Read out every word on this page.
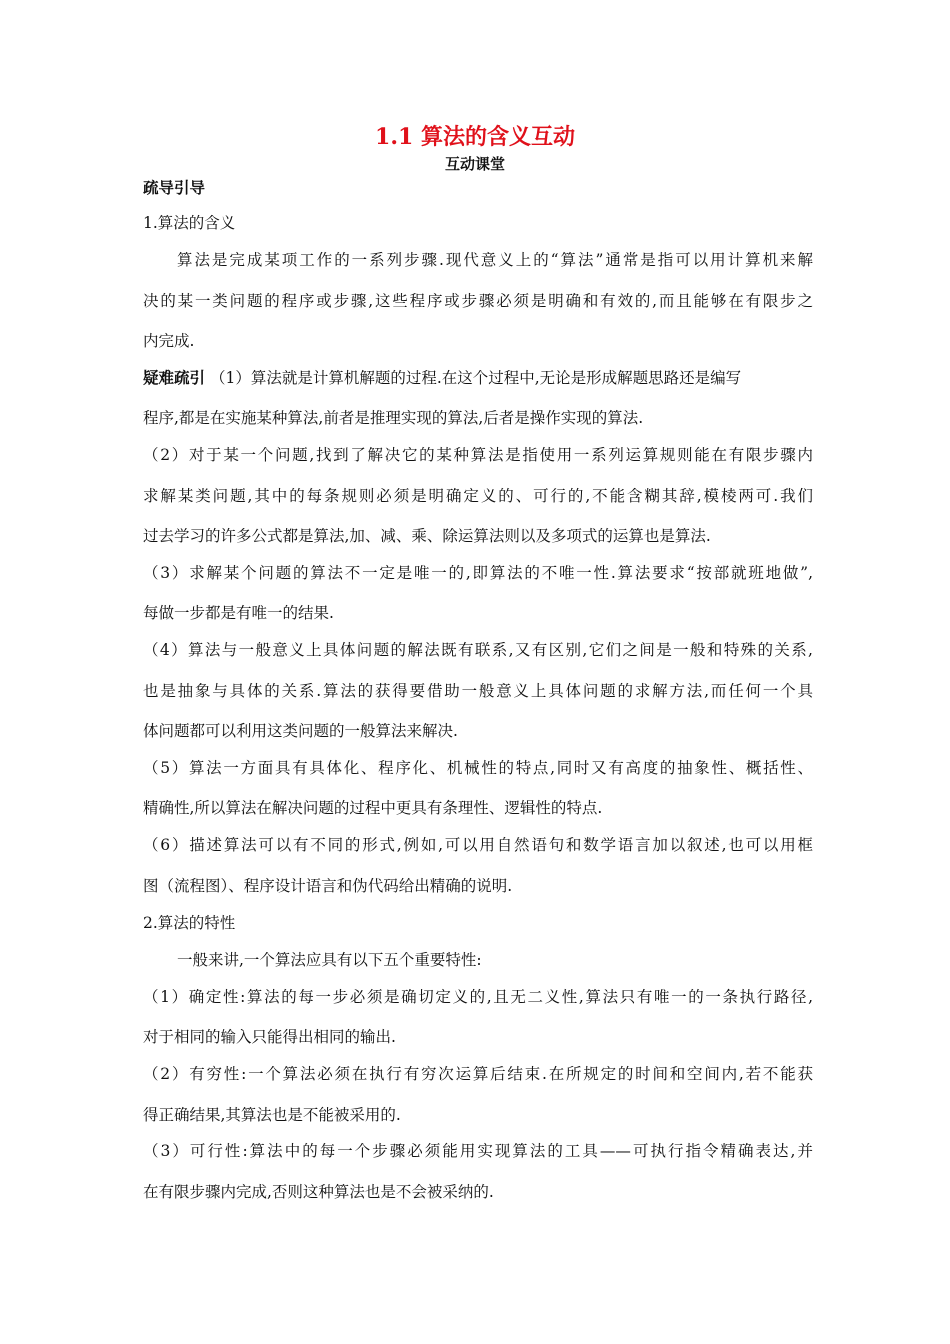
1.1 算法的含义互动
互动课堂
疏导引导
1.算法的含义
算法是完成某项工作的一系列步骤.现代意义上的“算法”通常是指可以用计算机来解
决的某一类问题的程序或步骤,这些程序或步骤必须是明确和有效的,而且能够在有限步之
内完成.
疑难疏引 （1）算法就是计算机解题的过程.在这个过程中,无论是形成解题思路还是编写
程序,都是在实施某种算法,前者是推理实现的算法,后者是操作实现的算法.
（2）对于某一个问题,找到了解决它的某种算法是指使用一系列运算规则能在有限步骤内
求解某类问题,其中的每条规则必须是明确定义的、可行的,不能含糊其辞,模棱两可.我们
过去学习的许多公式都是算法,加、减、乘、除运算法则以及多项式的运算也是算法.
（3）求解某个问题的算法不一定是唯一的,即算法的不唯一性.算法要求“按部就班地做”,
每做一步都是有唯一的结果.
（4）算法与一般意义上具体问题的解法既有联系,又有区别,它们之间是一般和特殊的关系,
也是抽象与具体的关系.算法的获得要借助一般意义上具体问题的求解方法,而任何一个具
体问题都可以利用这类问题的一般算法来解决.
（5）算法一方面具有具体化、程序化、机械性的特点,同时又有高度的抽象性、概括性、
精确性,所以算法在解决问题的过程中更具有条理性、逻辑性的特点.
（6）描述算法可以有不同的形式,例如,可以用自然语句和数学语言加以叙述,也可以用框
图（流程图）、程序设计语言和伪代码给出精确的说明.
2.算法的特性
一般来讲,一个算法应具有以下五个重要特性:
（1）确定性:算法的每一步必须是确切定义的,且无二义性,算法只有唯一的一条执行路径,
对于相同的输入只能得出相同的输出.
（2）有穷性:一个算法必须在执行有穷次运算后结束.在所规定的时间和空间内,若不能获
得正确结果,其算法也是不能被采用的.
（3）可行性:算法中的每一个步骤必须能用实现算法的工具——可执行指令精确表达,并
在有限步骤内完成,否则这种算法也是不会被采纳的.
